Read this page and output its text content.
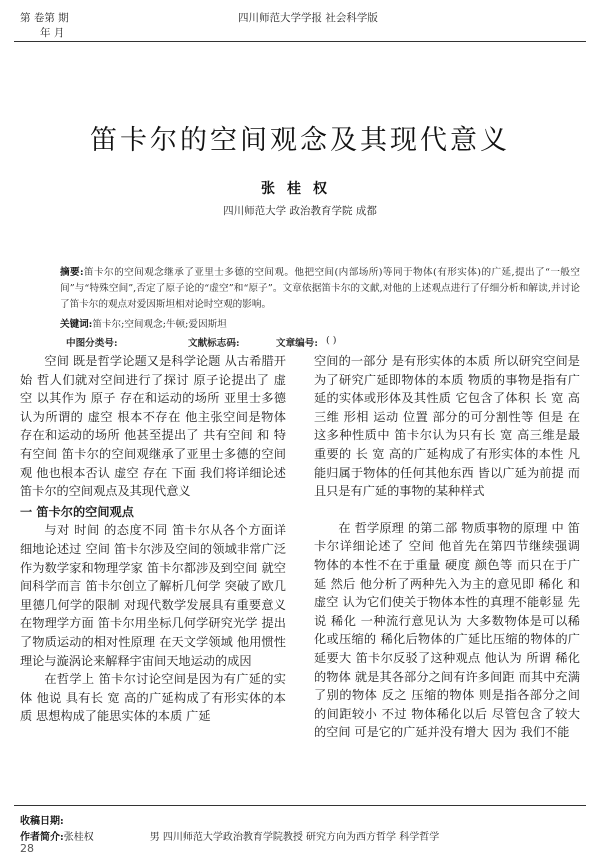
第 卷第 期
年 月
四川师范大学学报 社会科学版
笛卡尔的空间观念及其现代意义
张桂权
四川师范大学 政治教育学院 成都
摘要:笛卡尔的空间观念继承了亚里士多德的空间观。他把空间(内部场所)等同于物体(有形实体)的广延,提出了“一般空间”与“特殊空间”,否定了原子论的“虚空”和“原子”。文章依据笛卡尔的文献,对他的上述观点进行了仔细分析和解读,并讨论了笛卡尔的观点对爱因斯坦相对论时空观的影响。
关键词:笛卡尔;空间观念;牛顿;爱因斯坦
中图分类号:	文献标志码:	文章编号: ( )

空间 既是哲学论题又是科学论题 从古希腊开始 哲人们就对空间进行了探讨 原子论提出了 虚空 以其作为 原子 存在和运动的场所 亚里士多德认为所谓的 虚空 根本不存在 他主张空间是物体存在和运动的场所 他甚至提出了 共有空间 和 特有空间 笛卡尔的空间观继承了亚里士多德的空间观 他也根本否认 虚空 存在 下面 我们将详细论述笛卡尔的空间观点及其现代意义

一 笛卡尔的空间观点

与对 时间 的态度不同 笛卡尔从各个方面详细地论述过 空间 笛卡尔涉及空间的领域非常广泛 作为数学家和物理学家 笛卡尔都涉及到空间 就空间科学而言 笛卡尔创立了解析几何学 突破了欧几里德几何学的限制 对现代数学发展具有重要意义 在物理学方面 笛卡尔用坐标几何学研究光学 提出了物质运动的相对性原理 在天文学领域 他用惯性理论与漩涡论来解释宇宙间天地运动的成因

在哲学上 笛卡尔讨论空间是因为有广延的实体 他说 具有长 宽 高的广延构成了有形实体的本质 思想构成了能思实体的本质 广延

空间的一部分 是有形实体的本质 所以研究空间是为了研究广延即物体的本质 物质的事物是指有广延的实体或形体及其性质 它包含了体积 长 宽 高三维 形相 运动 位置 部分的可分割性等 但是 在这多种性质中 笛卡尔认为只有长 宽 高三维是最重要的 长 宽 高的广延构成了有形实体的本性 凡能归属于物体的任何其他东西 皆以广延为前提 而且只是有广延的事物的某种样式

在 哲学原理 的第二部 物质事物的原理 中 笛卡尔详细论述了 空间 他首先在第四节继续强调 物体的本性不在于重量 硬度 颜色等 而只在于广延 然后 他分析了两种先入为主的意见即 稀化 和 虚空 认为它们使关于物体本性的真理不能彰显 先说 稀化 一种流行意见认为 大多数物体是可以稀化或压缩的 稀化后物体的广延比压缩的物体的广延要大 笛卡尔反驳了这种观点 他认为 所谓 稀化的物体 就是其各部分之间有许多间距 而其中充满了别的物体 反之 压缩的物体 则是指各部分之间的间距较小 不过 物体稀化以后 尽管包含了较大的空间 可是它的广延并没有增大 因为 我们不能

收稿日期:
作者简介:张桂权	男 四川师范大学政治教育学院教授 研究方向为西方哲学 科学哲学
28
